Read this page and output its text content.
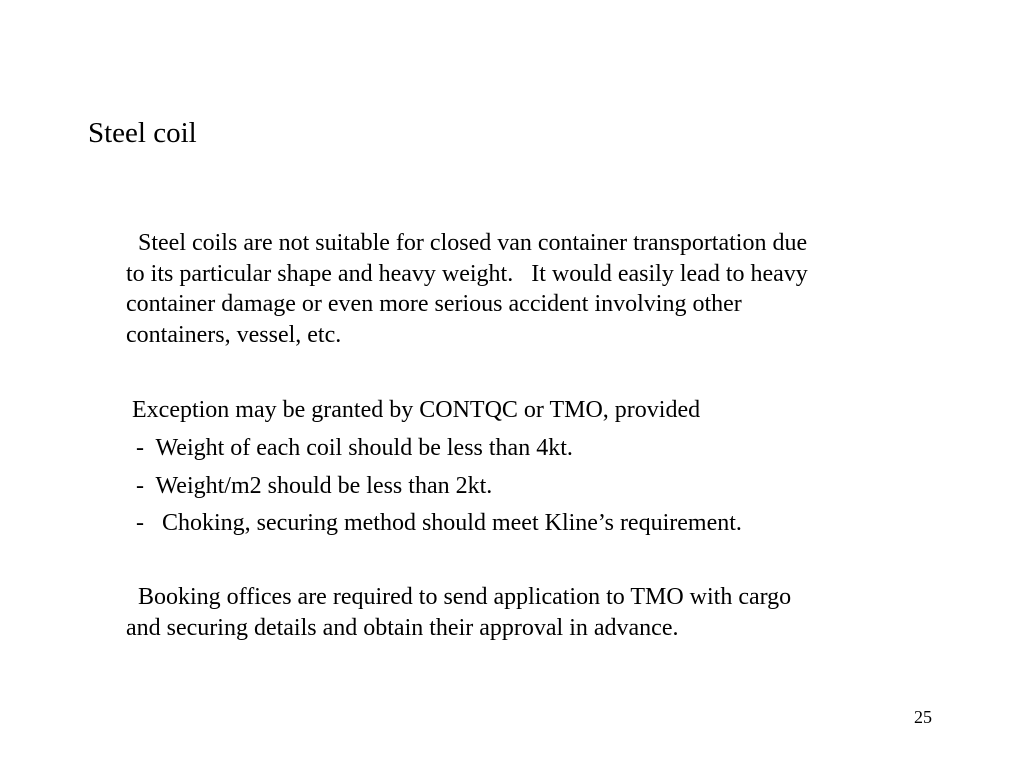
Steel coil
Steel coils are not suitable for closed van container transportation due
to its particular shape and heavy weight.   It would easily lead to heavy
container damage or even more serious accident involving other
containers, vessel, etc.
Exception may be granted by CONTQC or TMO, provided
-  Weight of each coil should be less than 4kt.
-  Weight/m2 should be less than 2kt.
-   Choking, securing method should meet Kline’s requirement.
Booking offices are required to send application to TMO with cargo
and securing details and obtain their approval in advance.
25
